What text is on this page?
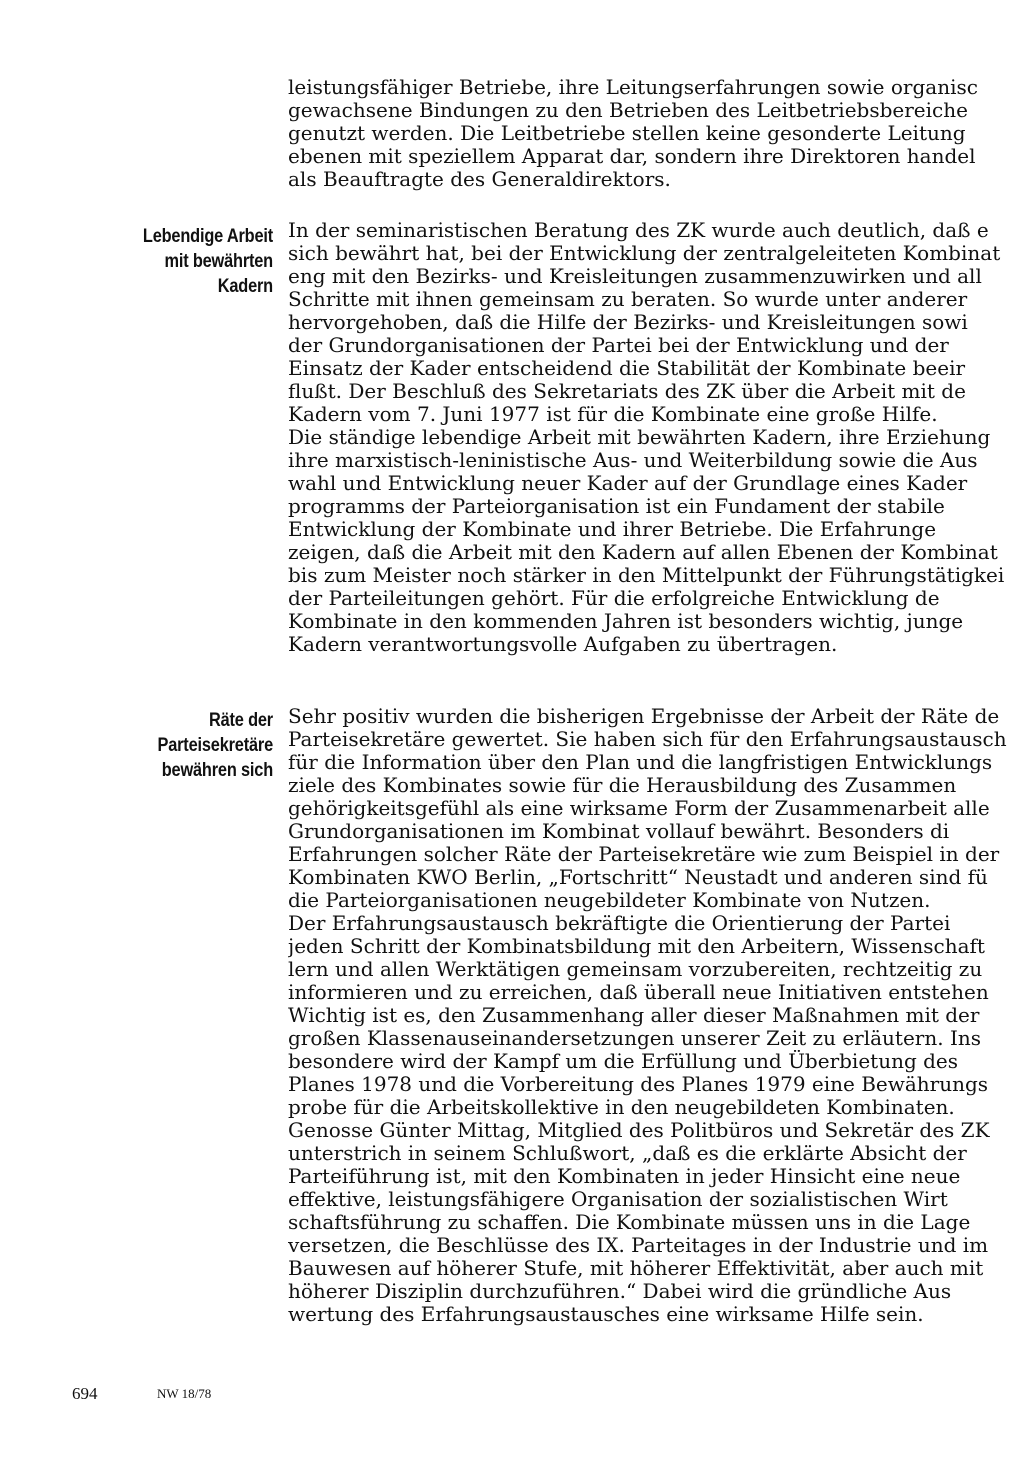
leistungsfähiger Betriebe, ihre Leitungserfahrungen sowie organisc
gewachsene Bindungen zu den Betrieben des Leitbetriebsbereiche
genutzt werden. Die Leitbetriebe stellen keine gesonderte Leitung
ebenen mit speziellem Apparat dar, sondern ihre Direktoren handel
als Beauftragte des Generaldirektors.
Lebendige Arbeit
mit bewährten
Kadern
In der seminaristischen Beratung des ZK wurde auch deutlich, daß e
sich bewährt hat, bei der Entwicklung der zentralgeleiteten Kombinat
eng mit den Bezirks- und Kreisleitungen zusammenzuwirken und all
Schritte mit ihnen gemeinsam zu beraten. So wurde unter anderer
hervorgehoben, daß die Hilfe der Bezirks- und Kreisleitungen sowi
der Grundorganisationen der Partei bei der Entwicklung und der
Einsatz der Kader entscheidend die Stabilität der Kombinate beeir
flußt. Der Beschluß des Sekretariats des ZK über die Arbeit mit de
Kadern vom 7. Juni 1977 ist für die Kombinate eine große Hilfe.
Die ständige lebendige Arbeit mit bewährten Kadern, ihre Erziehung
ihre marxistisch-leninistische Aus- und Weiterbildung sowie die Aus
wahl und Entwicklung neuer Kader auf der Grundlage eines Kader
programms der Parteiorganisation ist ein Fundament der stabile
Entwicklung der Kombinate und ihrer Betriebe. Die Erfahrunge
zeigen, daß die Arbeit mit den Kadern auf allen Ebenen der Kombinat
bis zum Meister noch stärker in den Mittelpunkt der Führungstätigkei
der Parteileitungen gehört. Für die erfolgreiche Entwicklung de
Kombinate in den kommenden Jahren ist besonders wichtig, junge
Kadern verantwortungsvolle Aufgaben zu übertragen.
Räte der
Parteisekretäre
bewähren sich
Sehr positiv wurden die bisherigen Ergebnisse der Arbeit der Räte de
Parteisekretäre gewertet. Sie haben sich für den Erfahrungsaustausch
für die Information über den Plan und die langfristigen Entwicklungs
ziele des Kombinates sowie für die Herausbildung des Zusammen
gehörigkeitsgefühl als eine wirksame Form der Zusammenarbeit alle
Grundorganisationen im Kombinat vollauf bewährt. Besonders di
Erfahrungen solcher Räte der Parteisekretäre wie zum Beispiel in der
Kombinaten KWO Berlin, „Fortschritt“ Neustadt und anderen sind fü
die Parteiorganisationen neugebildeter Kombinate von Nutzen.
Der Erfahrungsaustausch bekräftigte die Orientierung der Partei
jeden Schritt der Kombinatsbildung mit den Arbeitern, Wissenschaft
lern und allen Werktätigen gemeinsam vorzubereiten, rechtzeitig zu
informieren und zu erreichen, daß überall neue Initiativen entstehen
Wichtig ist es, den Zusammenhang aller dieser Maßnahmen mit der
großen Klassenauseinandersetzungen unserer Zeit zu erläutern. Ins
besondere wird der Kampf um die Erfüllung und Überbietung des
Planes 1978 und die Vorbereitung des Planes 1979 eine Bewährungs
probe für die Arbeitskollektive in den neugebildeten Kombinaten.
Genosse Günter Mittag, Mitglied des Politbüros und Sekretär des ZK
unterstrich in seinem Schlußwort, „daß es die erklärte Absicht der
Parteiführung ist, mit den Kombinaten in jeder Hinsicht eine neue
effektive, leistungsfähigere Organisation der sozialistischen Wirt
schaftsführung zu schaffen. Die Kombinate müssen uns in die Lage
versetzen, die Beschlüsse des IX. Parteitages in der Industrie und im
Bauwesen auf höherer Stufe, mit höherer Effektivität, aber auch mit
höherer Disziplin durchzuführen.“ Dabei wird die gründliche Aus
wertung des Erfahrungsaustausches eine wirksame Hilfe sein.
694	NW 18/78
